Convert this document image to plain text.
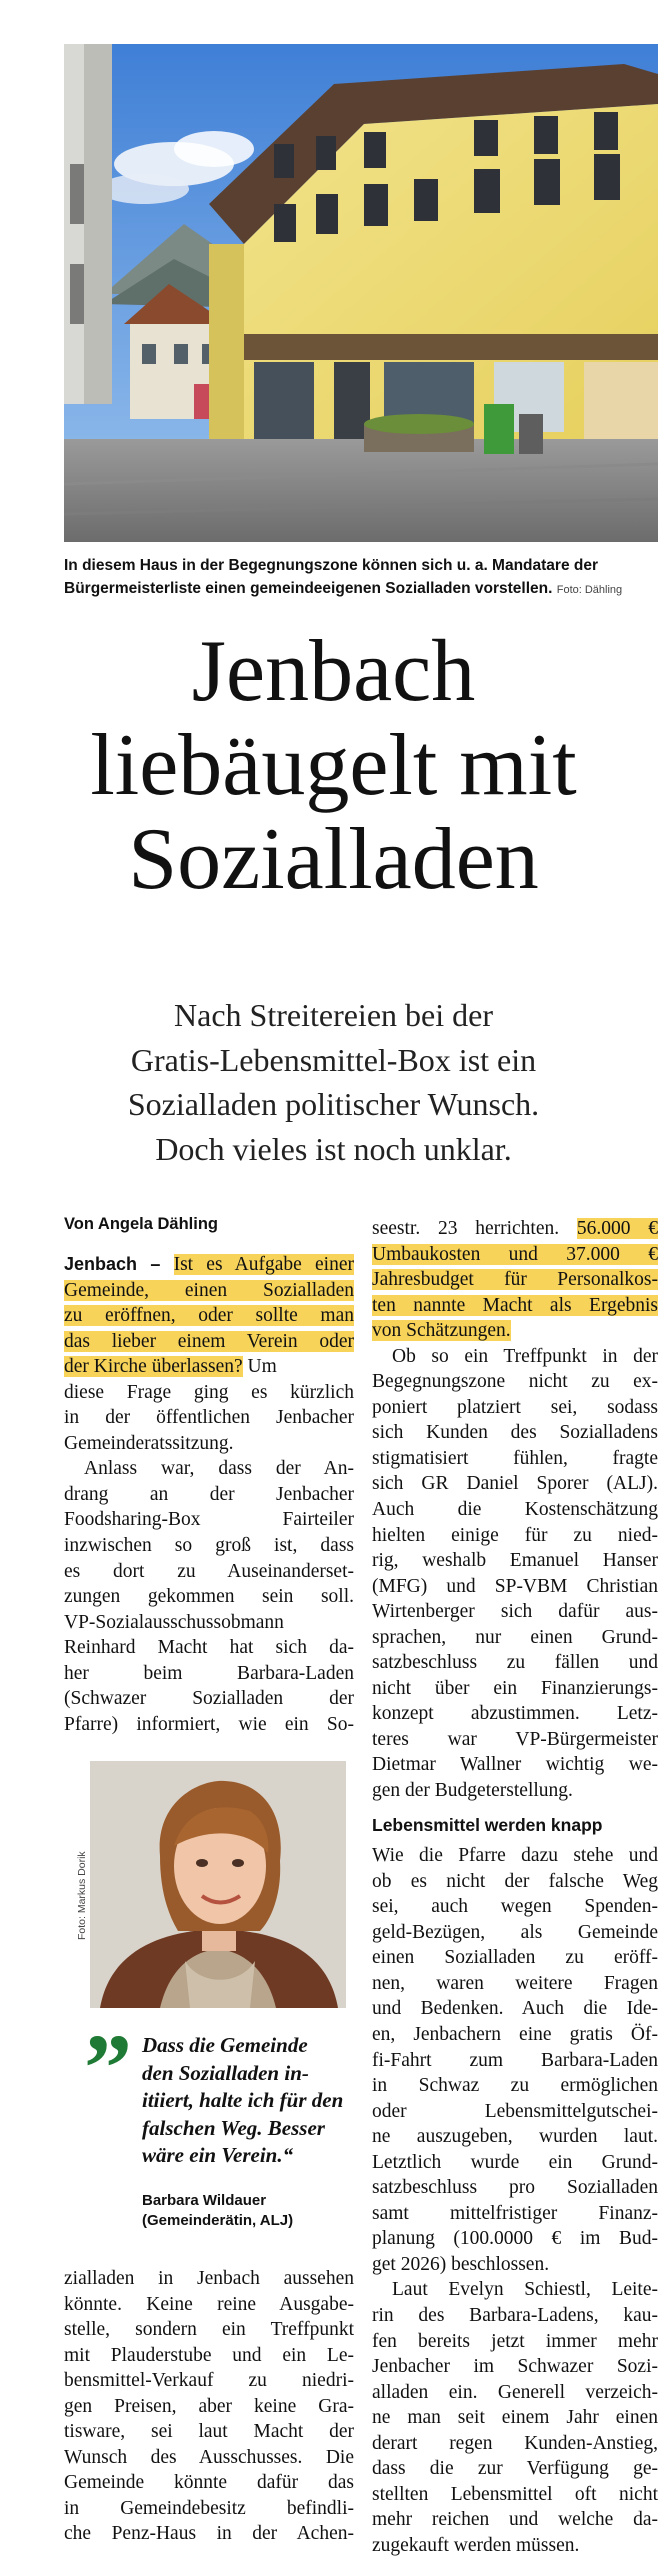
In diesem Haus in der Begegnungszone können sich u. a. Mandatare der Bürgermeisterliste einen gemeindeeigenen Sozialladen vorstellen. Foto: Dähling
Jenbach
liebäugelt mit
Sozialladen
Nach Streitereien bei der
Gratis-Lebensmittel-Box ist ein
Sozialladen politischer Wunsch.
Doch vieles ist noch unklar.
Von Angela Dähling
Jenbach – Ist es Aufgabe einer
Gemeinde, einen Sozialladen
zu eröffnen, oder sollte man
das lieber einem Verein oder
der Kirche überlassen? Um
diese Frage ging es kürzlich
in der öffentlichen Jenbacher
Gemeinderatssitzung.
Anlass war, dass der An-
drang an der Jenbacher
Foodsharing-Box Fairteiler
inzwischen so groß ist, dass
es dort zu Auseinanderset-
zungen gekommen sein soll.
VP-Sozialausschussobmann
Reinhard Macht hat sich da-
her beim Barbara-Laden
(Schwazer Sozialladen der
Pfarre) informiert, wie ein So-
Foto: Markus Dorik
” Dass die Gemeinde
den Sozialladen in-
itiiert, halte ich für den
falschen Weg. Besser
wäre ein Verein.“
Barbara Wildauer
(Gemeinderätin, ALJ)
zialladen in Jenbach aussehen
könnte. Keine reine Ausgabe-
stelle, sondern ein Treffpunkt
mit Plauderstube und ein Le-
bensmittel-Verkauf zu niedri-
gen Preisen, aber keine Gra-
tisware, sei laut Macht der
Wunsch des Ausschusses. Die
Gemeinde könnte dafür das
in Gemeindebesitz befindli-
che Penz-Haus in der Achen-
seestr. 23 herrichten. 56.000 €
Umbaukosten und 37.000 €
Jahresbudget für Personalkos-
ten nannte Macht als Ergebnis
von Schätzungen.
Ob so ein Treffpunkt in der
Begegnungszone nicht zu ex-
poniert platziert sei, sodass
sich Kunden des Sozialladens
stigmatisiert fühlen, fragte
sich GR Daniel Sporer (ALJ).
Auch die Kostenschätzung
hielten einige für zu nied-
rig, weshalb Emanuel Hanser
(MFG) und SP-VBM Christian
Wirtenberger sich dafür aus-
sprachen, nur einen Grund-
satzbeschluss zu fällen und
nicht über ein Finanzierungs-
konzept abzustimmen. Letz-
teres war VP-Bürgermeister
Dietmar Wallner wichtig we-
gen der Budgeterstellung.
Lebensmittel werden knapp
Wie die Pfarre dazu stehe und
ob es nicht der falsche Weg
sei, auch wegen Spenden-
geld-Bezügen, als Gemeinde
einen Sozialladen zu eröff-
nen, waren weitere Fragen
und Bedenken. Auch die Ide-
en, Jenbachern eine gratis Öf-
fi-Fahrt zum Barbara-Laden
in Schwaz zu ermöglichen
oder Lebensmittelgutschei-
ne auszugeben, wurden laut.
Letztlich wurde ein Grund-
satzbeschluss pro Sozialladen
samt mittelfristiger Finanz-
planung (100.0000 € im Bud-
get 2026) beschlossen.
Laut Evelyn Schiestl, Leite-
rin des Barbara-Ladens, kau-
fen bereits jetzt immer mehr
Jenbacher im Schwazer Sozi-
alladen ein. Generell verzeich-
ne man seit einem Jahr einen
derart regen Kunden-Anstieg,
dass die zur Verfügung ge-
stellten Lebensmittel oft nicht
mehr reichen und welche da-
zugekauft werden müssen.
